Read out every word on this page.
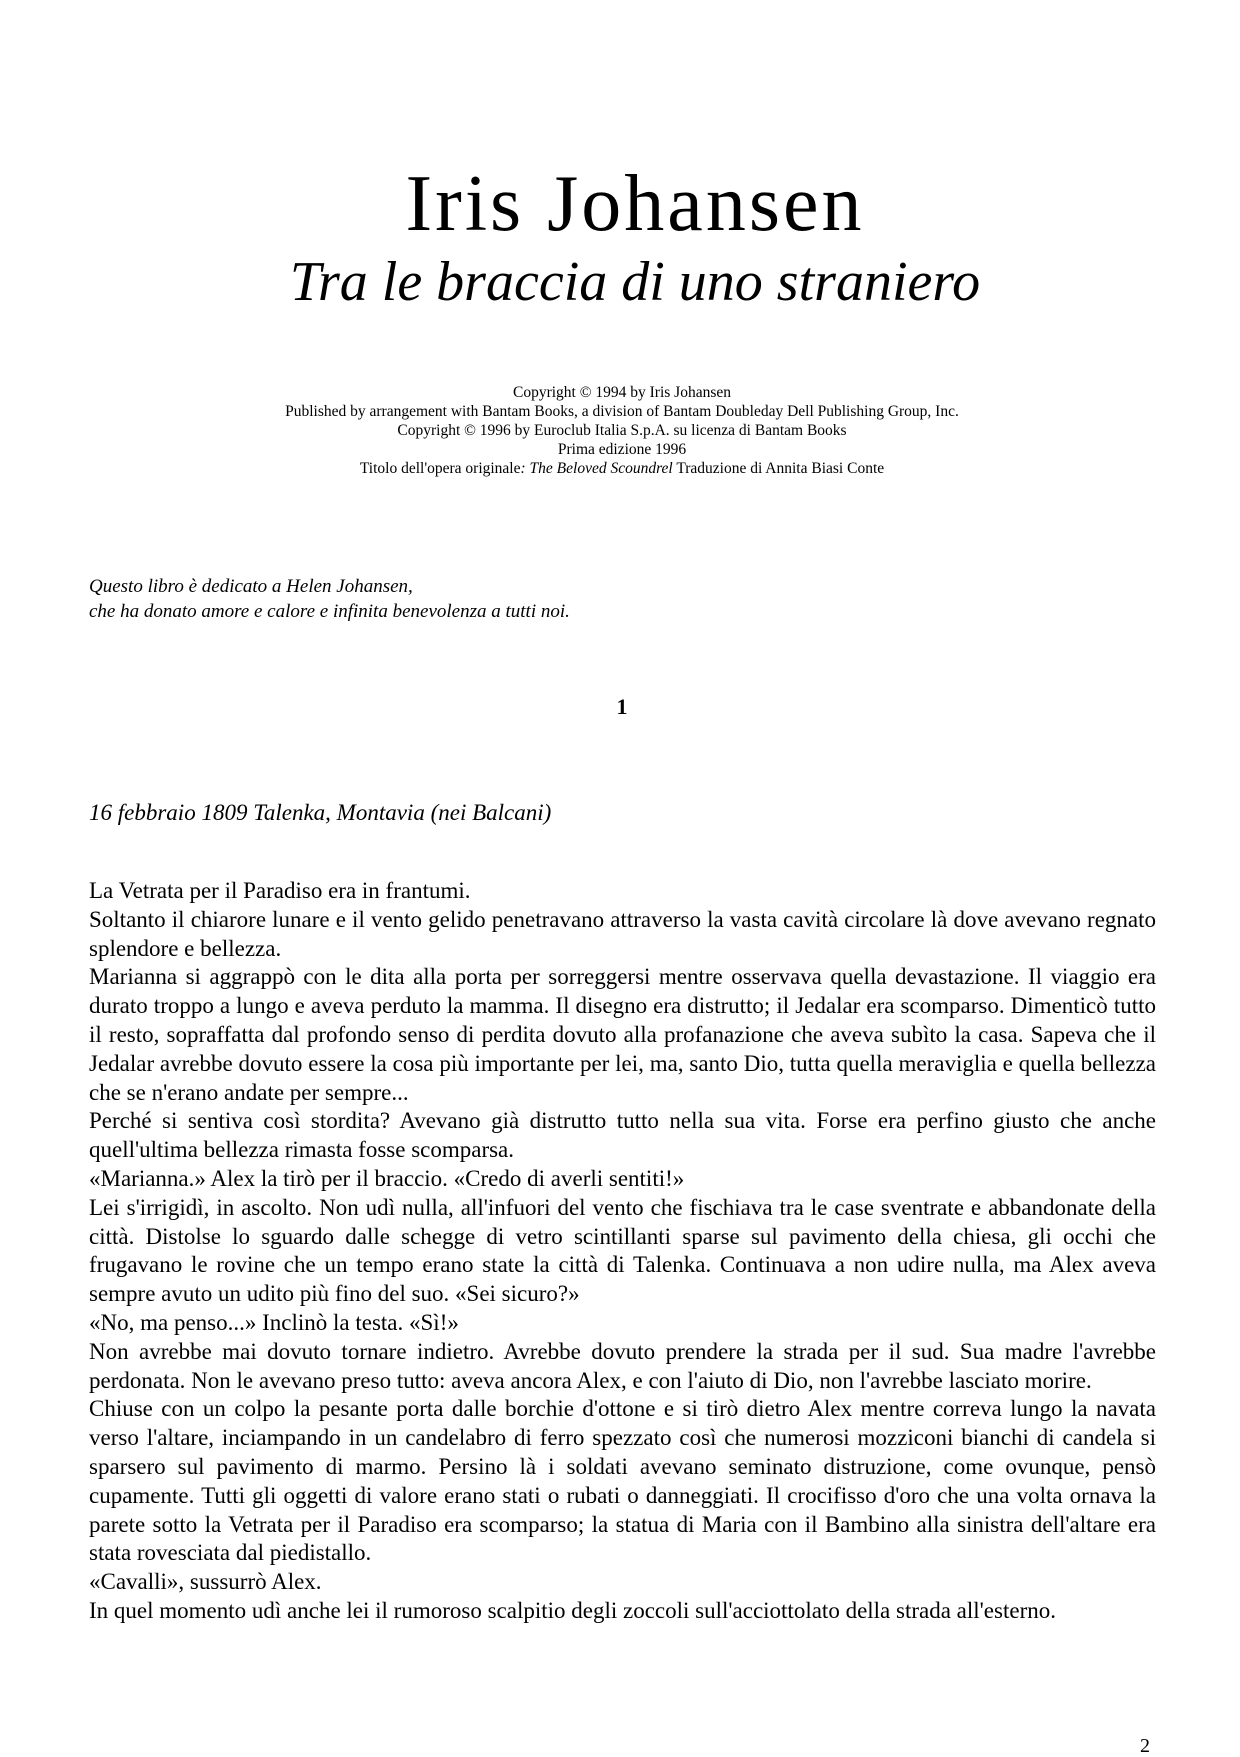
Iris Johansen
Tra le braccia di uno straniero
Copyright © 1994 by Iris Johansen
Published by arrangement with Bantam Books, a division of Bantam Doubleday Dell Publishing Group, Inc.
Copyright © 1996 by Euroclub Italia S.p.A. su licenza di Bantam Books
Prima edizione 1996
Titolo dell'opera originale: The Beloved Scoundrel Traduzione di Annita Biasi Conte
Questo libro è dedicato a Helen Johansen,
che ha donato amore e calore e infinita benevolenza a tutti noi.
1
16 febbraio 1809 Talenka, Montavia (nei Balcani)

La Vetrata per il Paradiso era in frantumi.

Soltanto il chiarore lunare e il vento gelido penetravano attraverso la vasta cavità circolare là dove avevano regnato splendore e bellezza.

Marianna si aggrappò con le dita alla porta per sorreggersi mentre osservava quella devastazione. Il viaggio era durato troppo a lungo e aveva perduto la mamma. Il disegno era distrutto; il Jedalar era scomparso. Dimenticò tutto il resto, sopraffatta dal profondo senso di perdita dovuto alla profanazione che aveva subìto la casa. Sapeva che il Jedalar avrebbe dovuto essere la cosa più importante per lei, ma, santo Dio, tutta quella meraviglia e quella bellezza che se n'erano andate per sempre...

Perché si sentiva così stordita? Avevano già distrutto tutto nella sua vita. Forse era perfino giusto che anche quell'ultima bellezza rimasta fosse scomparsa.

«Marianna.» Alex la tirò per il braccio. «Credo di averli sentiti!»

Lei s'irrigidì, in ascolto. Non udì nulla, all'infuori del vento che fischiava tra le case sventrate e abbandonate della città. Distolse lo sguardo dalle schegge di vetro scintillanti sparse sul pavimento della chiesa, gli occhi che frugavano le rovine che un tempo erano state la città di Talenka. Continuava a non udire nulla, ma Alex aveva sempre avuto un udito più fino del suo. «Sei sicuro?»

«No, ma penso...» Inclinò la testa. «Sì!»

Non avrebbe mai dovuto tornare indietro. Avrebbe dovuto prendere la strada per il sud. Sua madre l'avrebbe perdonata. Non le avevano preso tutto: aveva ancora Alex, e con l'aiuto di Dio, non l'avrebbe lasciato morire.

Chiuse con un colpo la pesante porta dalle borchie d'ottone e si tirò dietro Alex mentre correva lungo la navata verso l'altare, inciampando in un candelabro di ferro spezzato così che numerosi mozziconi bianchi di candela si sparsero sul pavimento di marmo. Persino là i soldati avevano seminato distruzione, come ovunque, pensò cupamente. Tutti gli oggetti di valore erano stati o rubati o danneggiati. Il crocifisso d'oro che una volta ornava la parete sotto la Vetrata per il Paradiso era scomparso; la statua di Maria con il Bambino alla sinistra dell'altare era stata rovesciata dal piedistallo.

«Cavalli», sussurrò Alex.

In quel momento udì anche lei il rumoroso scalpitio degli zoccoli sull'acciottolato della strada all'esterno.

2
